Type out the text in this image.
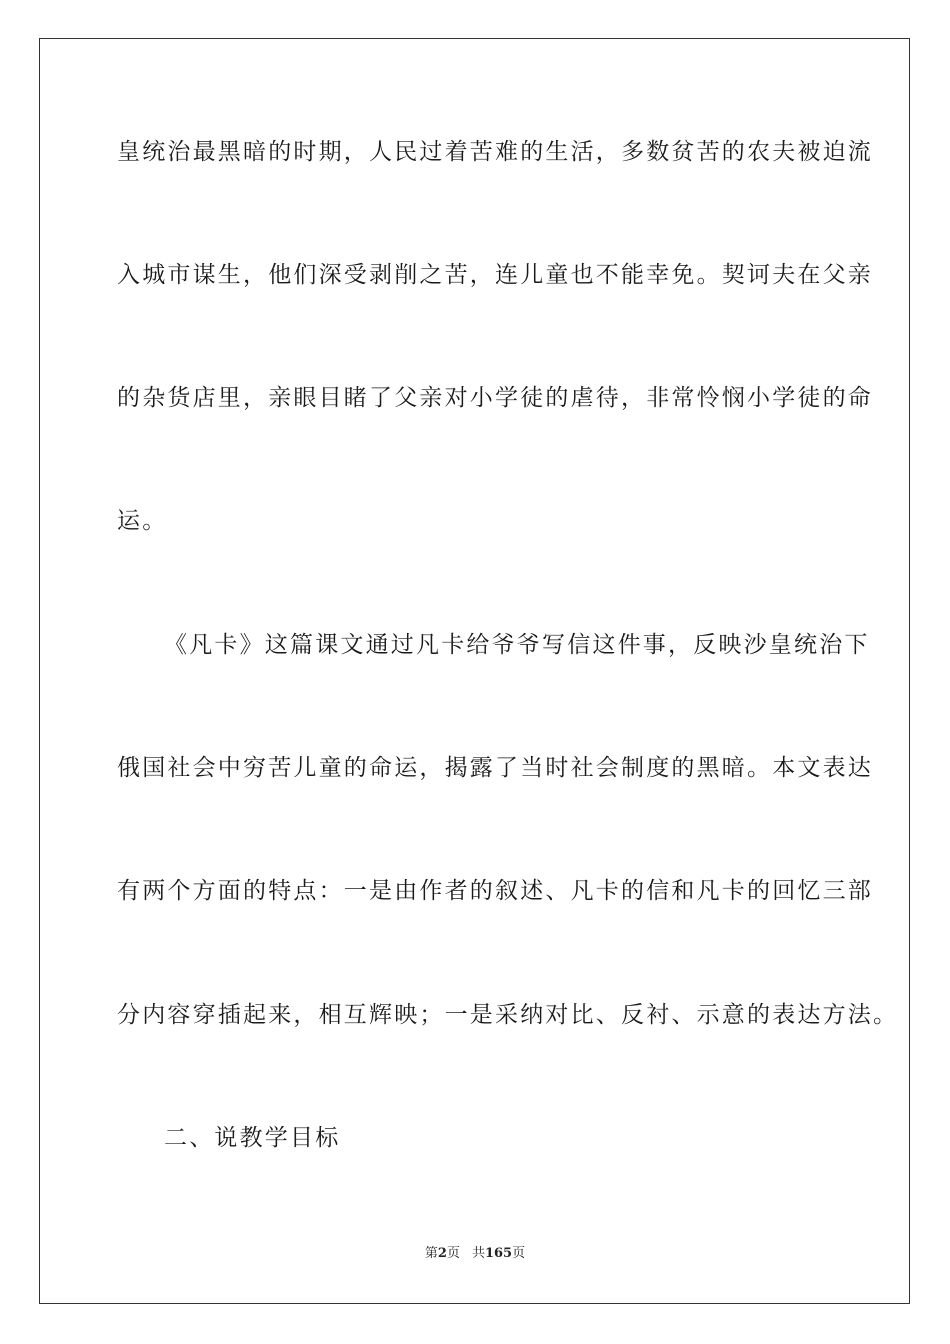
皇统治最黑暗的时期，人民过着苦难的生活，多数贫苦的农夫被迫流
入城市谋生，他们深受剥削之苦，连儿童也不能幸免。契诃夫在父亲
的杂货店里，亲眼目睹了父亲对小学徒的虐待，非常怜悯小学徒的命
运。
《凡卡》这篇课文通过凡卡给爷爷写信这件事，反映沙皇统治下
俄国社会中穷苦儿童的命运，揭露了当时社会制度的黑暗。本文表达
有两个方面的特点：一是由作者的叙述、凡卡的信和凡卡的回忆三部
分内容穿插起来，相互辉映；一是采纳对比、反衬、示意的表达方法。
二、说教学目标
第2页 共165页
